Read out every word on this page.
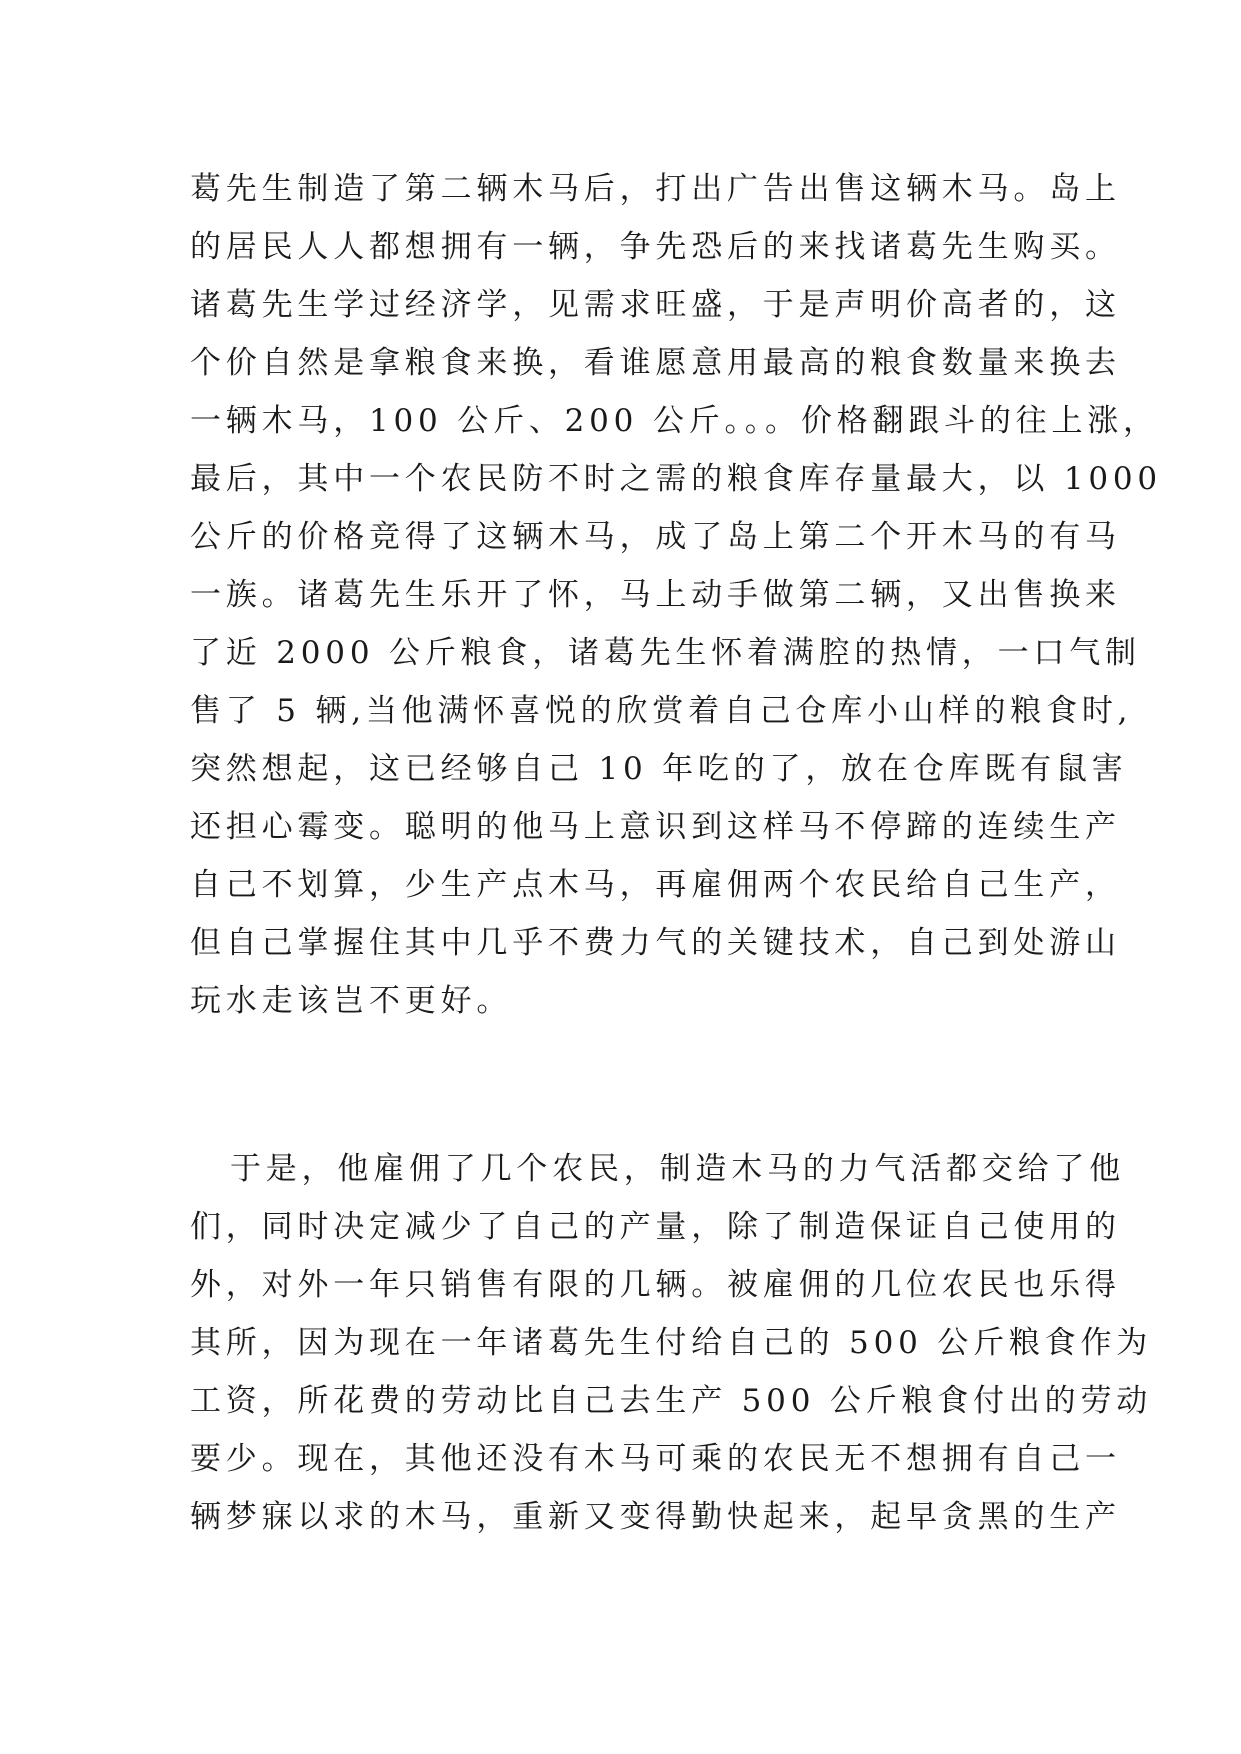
葛先生制造了第二辆木马后，打出广告出售这辆木马。岛上
的居民人人都想拥有一辆，争先恐后的来找诸葛先生购买。
诸葛先生学过经济学，见需求旺盛，于是声明价高者的，这
个价自然是拿粮食来换，看谁愿意用最高的粮食数量来换去
一辆木马，100 公斤、200 公斤。。。价格翻跟斗的往上涨，
最后，其中一个农民防不时之需的粮食库存量最大，以 1000
公斤的价格竞得了这辆木马，成了岛上第二个开木马的有马
一族。诸葛先生乐开了怀，马上动手做第二辆，又出售换来
了近 2000 公斤粮食，诸葛先生怀着满腔的热情，一口气制
售了 5 辆,当他满怀喜悦的欣赏着自己仓库小山样的粮食时,
突然想起，这已经够自己 10 年吃的了，放在仓库既有鼠害
还担心霉变。聪明的他马上意识到这样马不停蹄的连续生产
自己不划算，少生产点木马，再雇佣两个农民给自己生产，
但自己掌握住其中几乎不费力气的关键技术，自己到处游山
玩水走该岂不更好。
于是，他雇佣了几个农民，制造木马的力气活都交给了他
们，同时决定减少了自己的产量，除了制造保证自己使用的
外，对外一年只销售有限的几辆。被雇佣的几位农民也乐得
其所，因为现在一年诸葛先生付给自己的 500 公斤粮食作为
工资，所花费的劳动比自己去生产 500 公斤粮食付出的劳动
要少。现在，其他还没有木马可乘的农民无不想拥有自己一
辆梦寐以求的木马，重新又变得勤快起来，起早贪黑的生产
